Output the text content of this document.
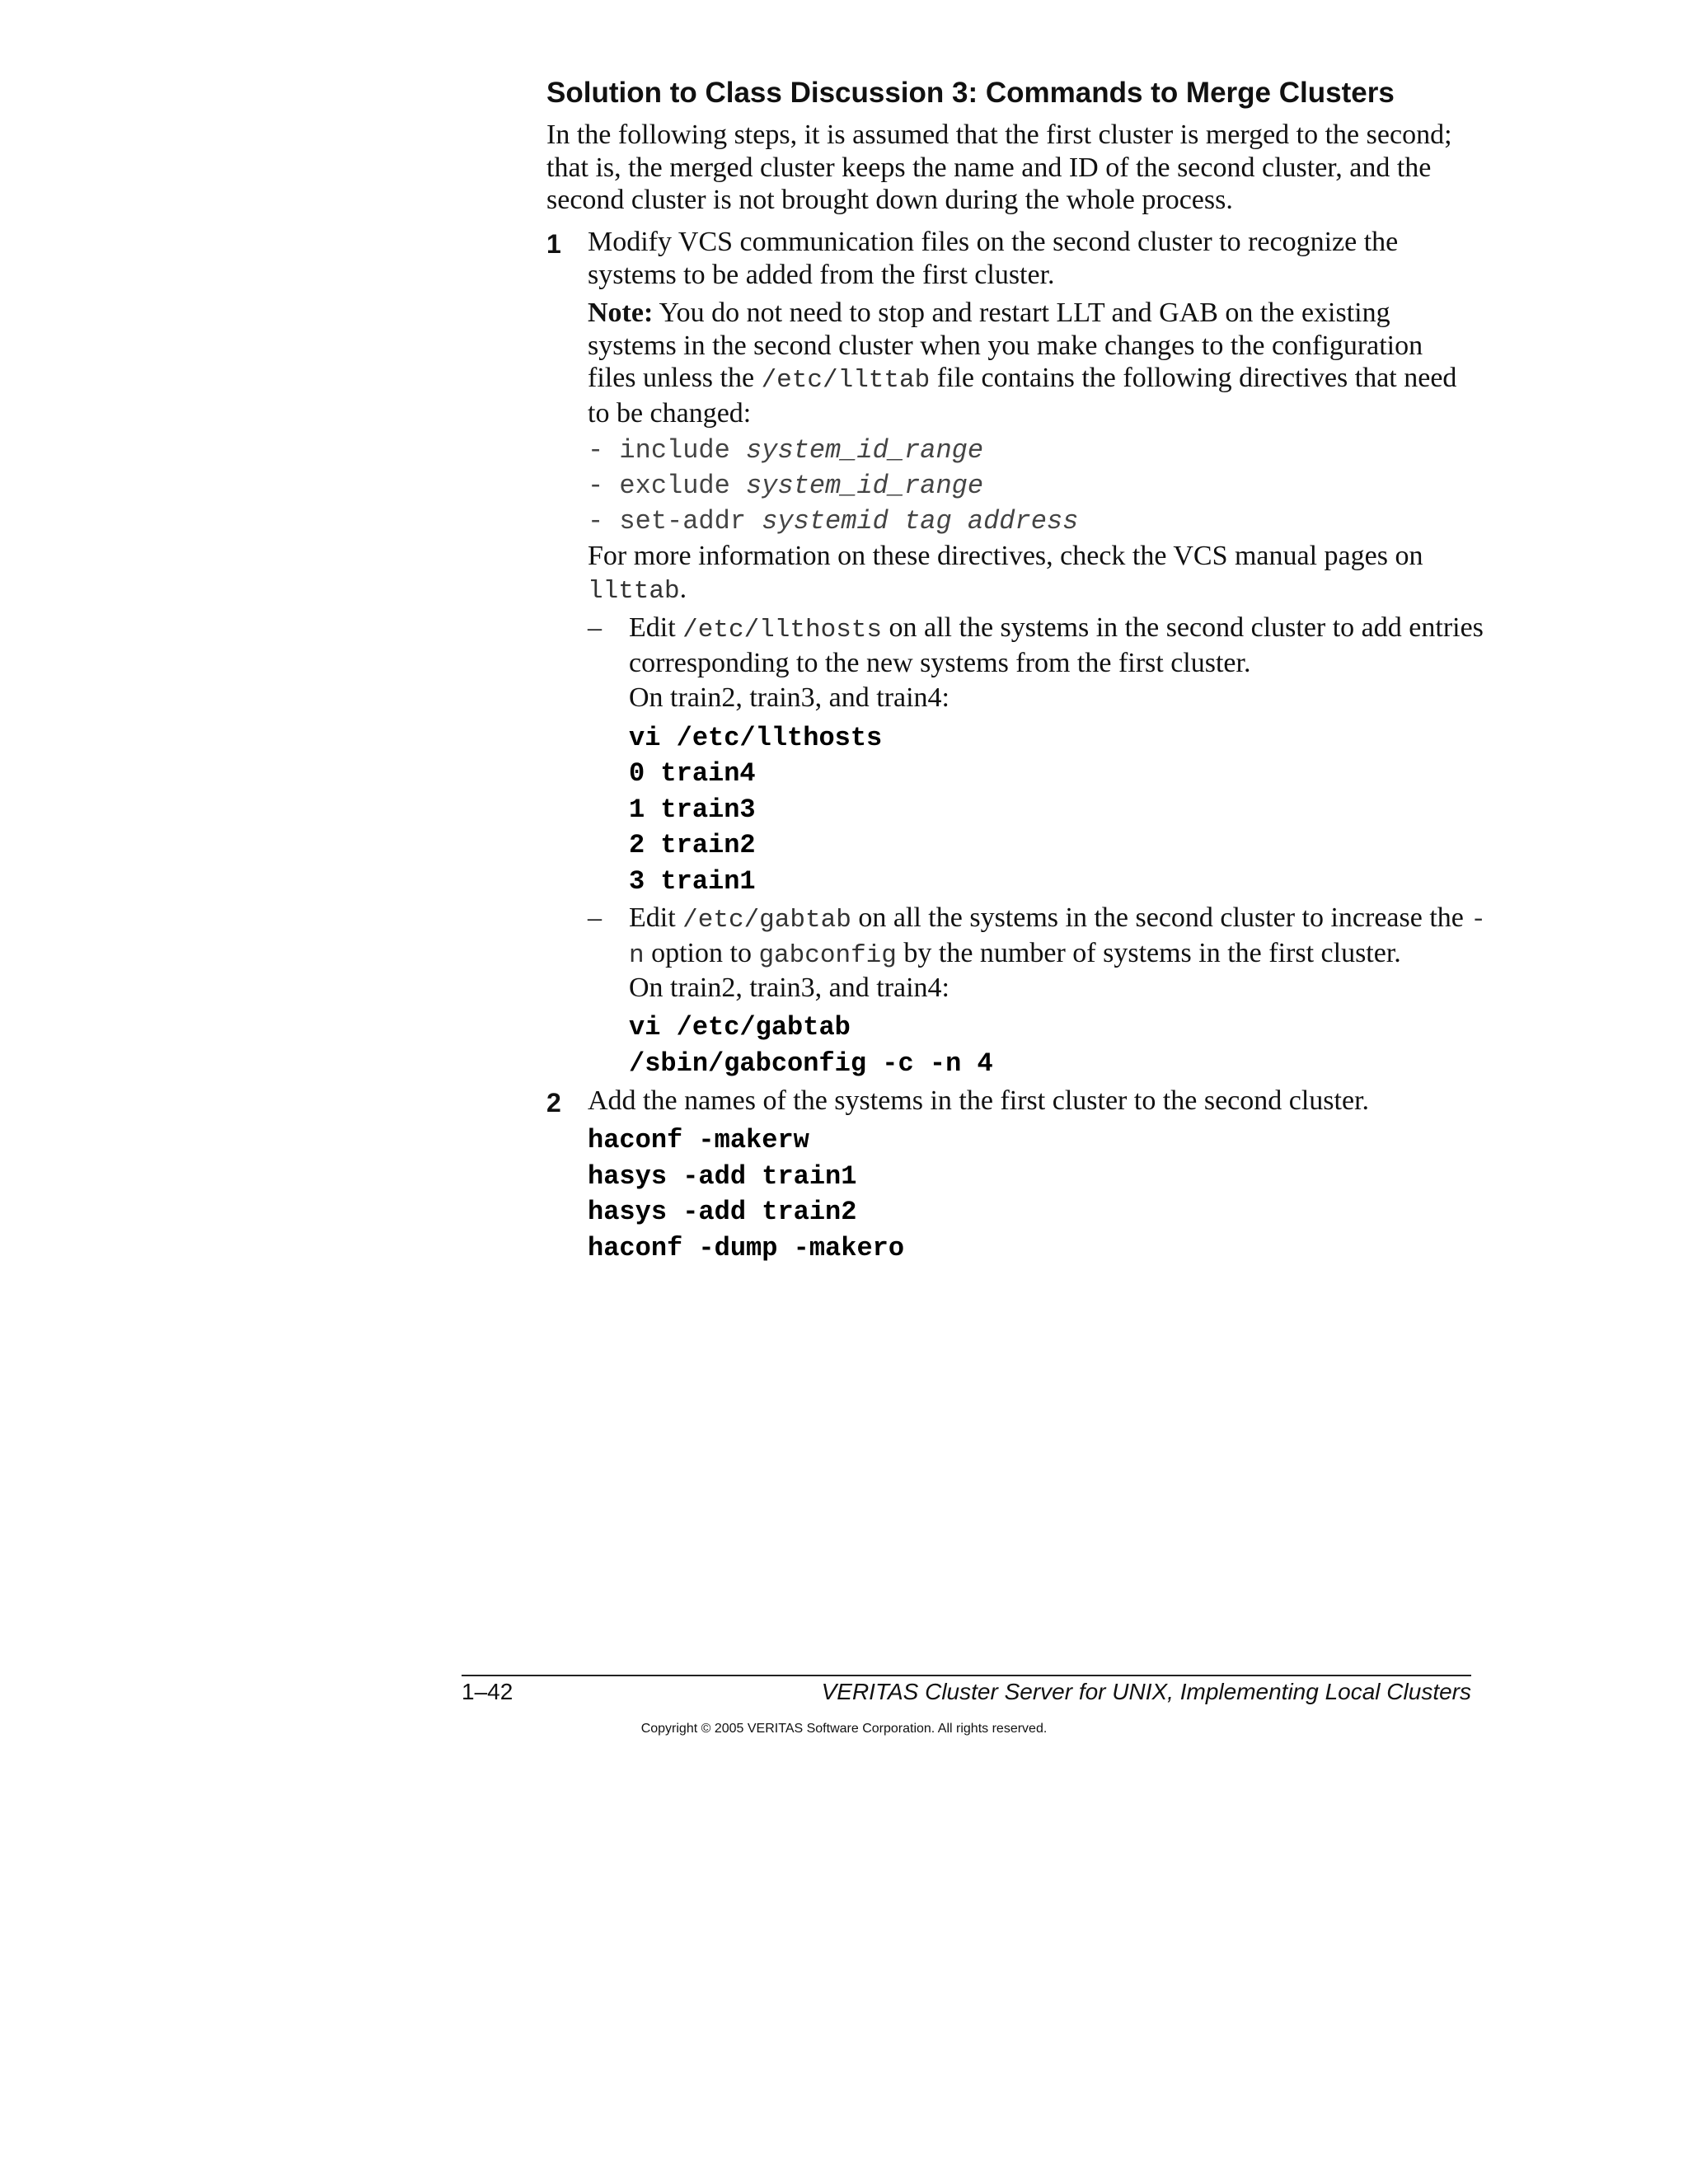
Solution to Class Discussion 3: Commands to Merge Clusters
In the following steps, it is assumed that the first cluster is merged to the second; that is, the merged cluster keeps the name and ID of the second cluster, and the second cluster is not brought down during the whole process.
1 Modify VCS communication files on the second cluster to recognize the systems to be added from the first cluster.
Note: You do not need to stop and restart LLT and GAB on the existing systems in the second cluster when you make changes to the configuration files unless the /etc/llttab file contains the following directives that need to be changed:
- include system_id_range
- exclude system_id_range
- set-addr systemid tag address
For more information on these directives, check the VCS manual pages on llttab.
– Edit /etc/llthosts on all the systems in the second cluster to add entries corresponding to the new systems from the first cluster.
On train2, train3, and train4:
vi /etc/llthosts
0 train4
1 train3
2 train2
3 train1
– Edit /etc/gabtab on all the systems in the second cluster to increase the -n option to gabconfig by the number of systems in the first cluster.
On train2, train3, and train4:
vi /etc/gabtab
/sbin/gabconfig -c -n 4
2 Add the names of the systems in the first cluster to the second cluster.
haconf -makerw
hasys -add train1
hasys -add train2
haconf -dump -makero
1–42	VERITAS Cluster Server for UNIX, Implementing Local Clusters
Copyright © 2005 VERITAS Software Corporation. All rights reserved.
